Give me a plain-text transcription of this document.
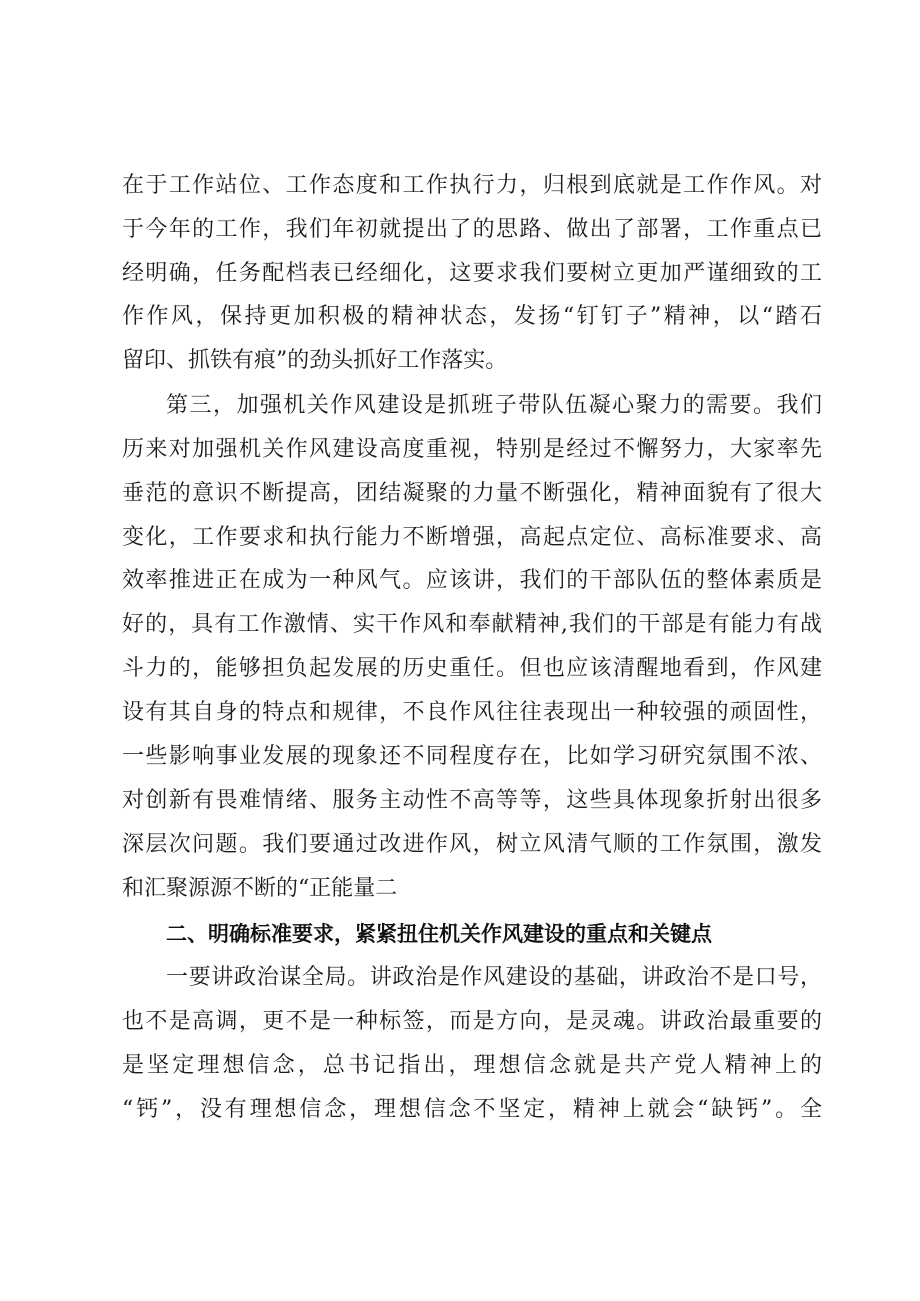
在于工作站位、工作态度和工作执行力，归根到底就是工作作风。对
于今年的工作，我们年初就提出了的思路、做出了部署，工作重点已
经明确，任务配档表已经细化，这要求我们要树立更加严谨细致的工
作作风，保持更加积极的精神状态，发扬“钉钉子”精神，以“踏石
留印、抓铁有痕”的劲头抓好工作落实。
第三，加强机关作风建设是抓班子带队伍凝心聚力的需要。我们
历来对加强机关作风建设高度重视，特别是经过不懈努力，大家率先
垂范的意识不断提高，团结凝聚的力量不断强化，精神面貌有了很大
变化，工作要求和执行能力不断增强，高起点定位、高标准要求、高
效率推进正在成为一种风气。应该讲，我们的干部队伍的整体素质是
好的，具有工作激情、实干作风和奉献精神,我们的干部是有能力有战
斗力的，能够担负起发展的历史重任。但也应该清醒地看到，作风建
设有其自身的特点和规律，不良作风往往表现出一种较强的顽固性，
一些影响事业发展的现象还不同程度存在，比如学习研究氛围不浓、
对创新有畏难情绪、服务主动性不高等等，这些具体现象折射出很多
深层次问题。我们要通过改进作风，树立风清气顺的工作氛围，激发
和汇聚源源不断的“正能量二
二、明确标准要求，紧紧扭住机关作风建设的重点和关键点
一要讲政治谋全局。讲政治是作风建设的基础，讲政治不是口号，
也不是高调，更不是一种标签，而是方向，是灵魂。讲政治最重要的
是坚定理想信念，总书记指出，理想信念就是共产党人精神上的
“钙”，没有理想信念，理想信念不坚定，精神上就会“缺钙”。全
